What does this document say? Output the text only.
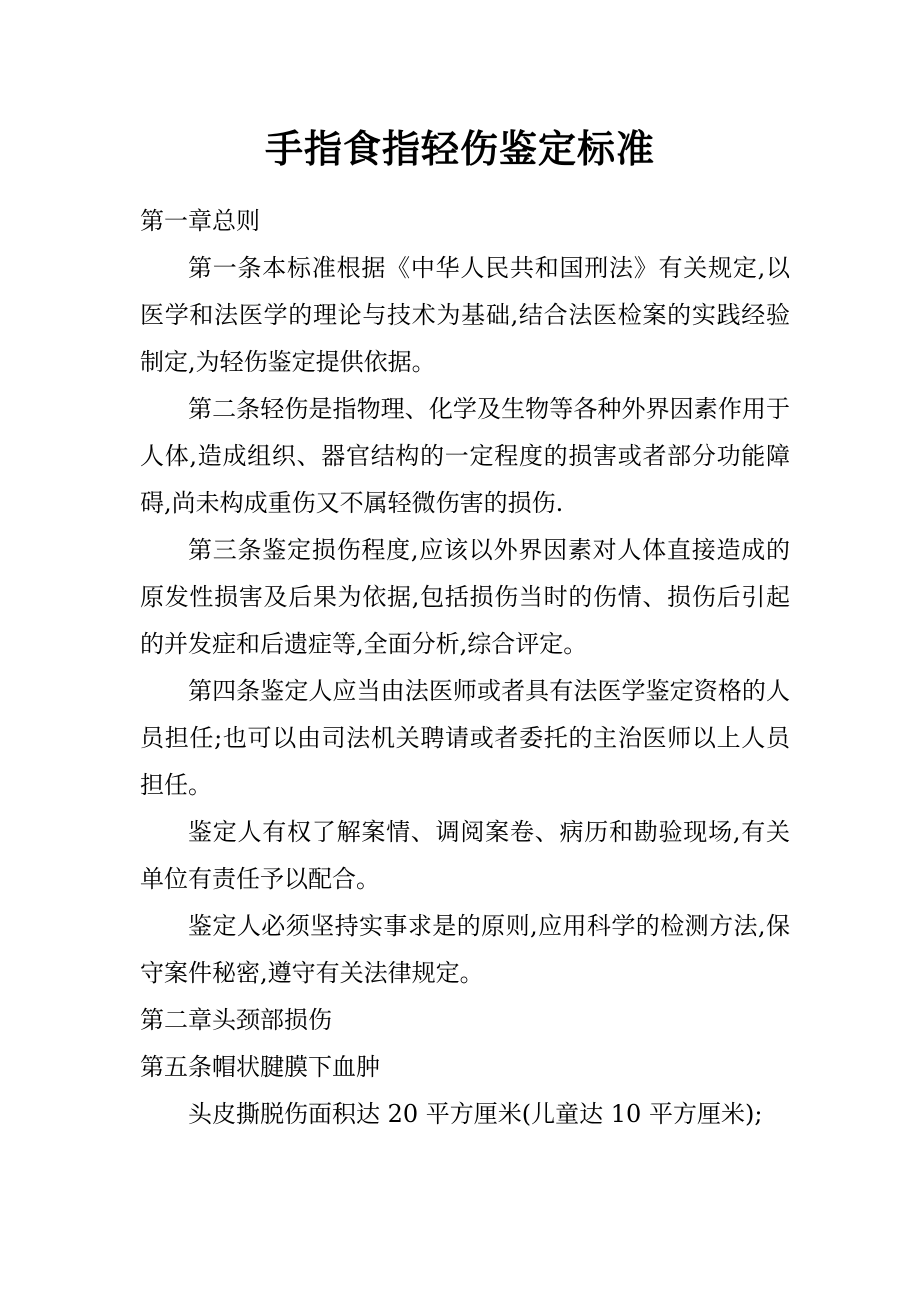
手指食指轻伤鉴定标准

第一章总则

第一条本标准根据《中华人民共和国刑法》有关规定,以医学和法医学的理论与技术为基础,结合法医检案的实践经验制定,为轻伤鉴定提供依据。

第二条轻伤是指物理、化学及生物等各种外界因素作用于人体,造成组织、器官结构的一定程度的损害或者部分功能障碍,尚未构成重伤又不属轻微伤害的损伤.

第三条鉴定损伤程度,应该以外界因素对人体直接造成的原发性损害及后果为依据,包括损伤当时的伤情、损伤后引起的并发症和后遗症等,全面分析,综合评定。

第四条鉴定人应当由法医师或者具有法医学鉴定资格的人员担任;也可以由司法机关聘请或者委托的主治医师以上人员担任。

鉴定人有权了解案情、调阅案卷、病历和勘验现场,有关单位有责任予以配合。

鉴定人必须坚持实事求是的原则,应用科学的检测方法,保守案件秘密,遵守有关法律规定。

第二章头颈部损伤

第五条帽状腱膜下血肿

头皮撕脱伤面积达 20 平方厘米(儿童达 10 平方厘米);
